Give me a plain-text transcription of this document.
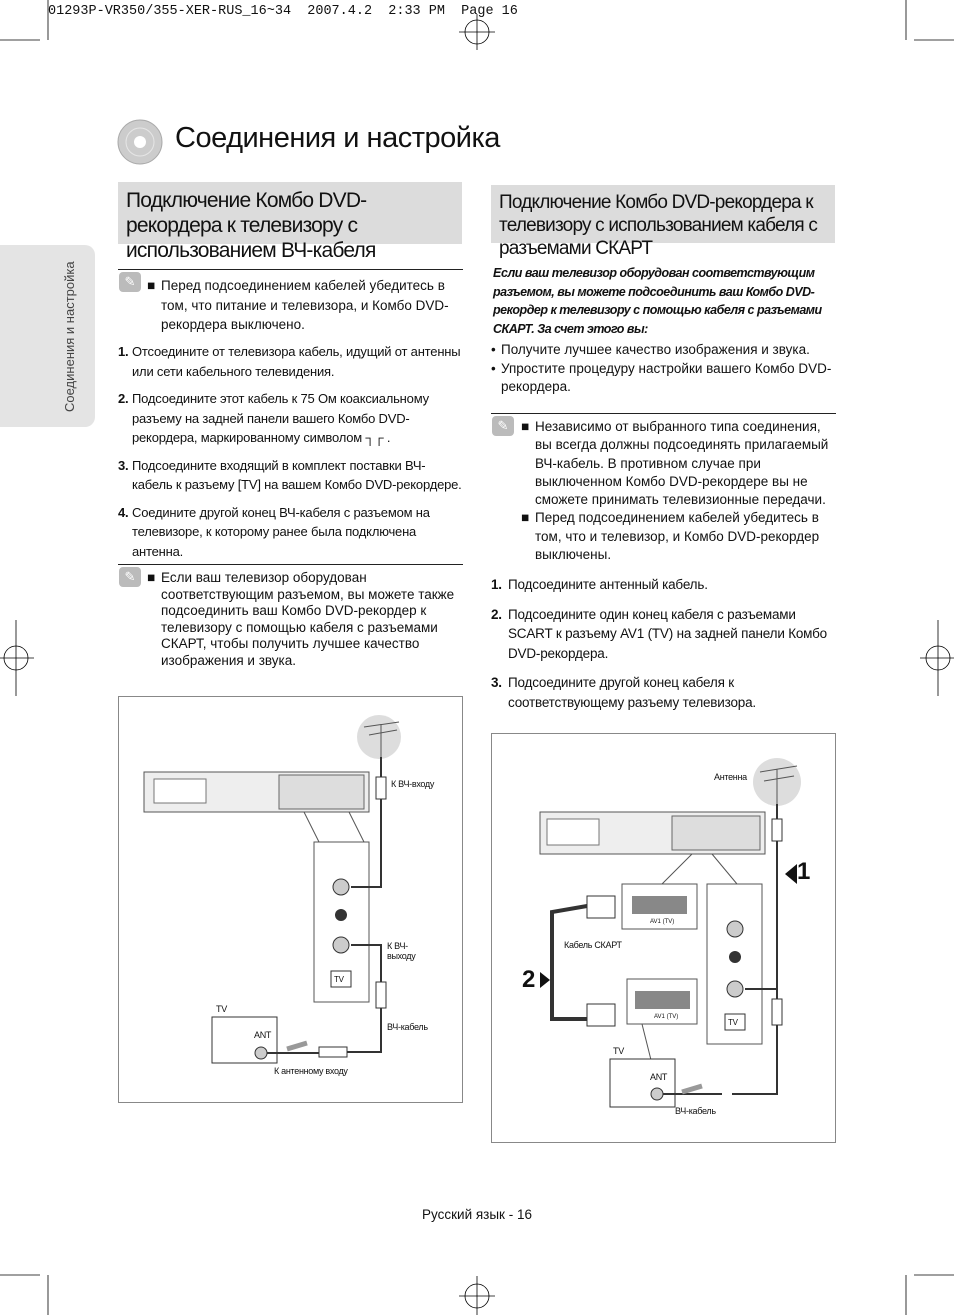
01293P-VR350/355-XER-RUS_16~34  2007.4.2  2:33 PM  Page 16
Соединения и настройка
Соединения и настройка
Подключение Комбо DVD-рекордера к телевизору с использованием ВЧ-кабеля
✎ ■ Перед подсоединением кабелей убедитесь в том, что питание и телевизора, и Комбо DVD-рекордера выключено.
1. Отсоедините от телевизора кабель, идущий от антенны или сети кабельного телевидения.
2. Подсоедините этот кабель к 75 Ом коаксиальному разъему на задней панели вашего Комбо DVD-рекордера, маркированному символом ┐┌ .
3. Подсоедините входящий в комплект поставки ВЧ-кабель к разъему [TV] на вашем Комбо DVD-рекордере.
4. Соедините другой конец ВЧ-кабеля с разъемом на телевизоре, к которому ранее была подключена антенна.
✎ ■ Если ваш телевизор оборудован соответствующим разъемом, вы можете также подсоединить ваш Комбо DVD-рекордер к телевизору с помощью кабеля с разъемами СКАРТ, чтобы получить лучшее качество изображения и звука.
К ВЧ-входу
К ВЧ-выходу
ВЧ-кабель
К антенному входу
TV
ANT
TV
Подключение Комбо DVD-рекордера к телевизору с использованием кабеля с разъемами СКАРТ
Если ваш телевизор оборудован соответствующим разъемом, вы можете подсоединить ваш Комбо DVD-рекордер к телевизору с помощью кабеля с разъемами СКАРТ. За счет этого вы:
• Получите лучшее качество изображения и звука.
• Упростите процедуру настройки вашего Комбо DVD-рекордера.
✎ ■ Независимо от выбранного типа соединения, вы всегда должны подсоединять прилагаемый ВЧ-кабель. В противном случае при выключенном Комбо DVD-рекордере вы не сможете принимать телевизионные передачи.
■ Перед подсоединением кабелей убедитесь в том, что и телевизор, и Комбо DVD-рекордер выключены.
1. Подсоедините антенный кабель.
2. Подсоедините один конец кабеля с разъемами SCART к разъему AV1 (TV) на задней панели Комбо DVD-рекордера.
3. Подсоедините другой конец кабеля к соответствующему разъему телевизора.
Антенна
Кабель СКАРТ
AV1 (TV)
AV1 (TV)
TV
ANT
ВЧ-кабель
1
2
TV
Русский язык - 16
